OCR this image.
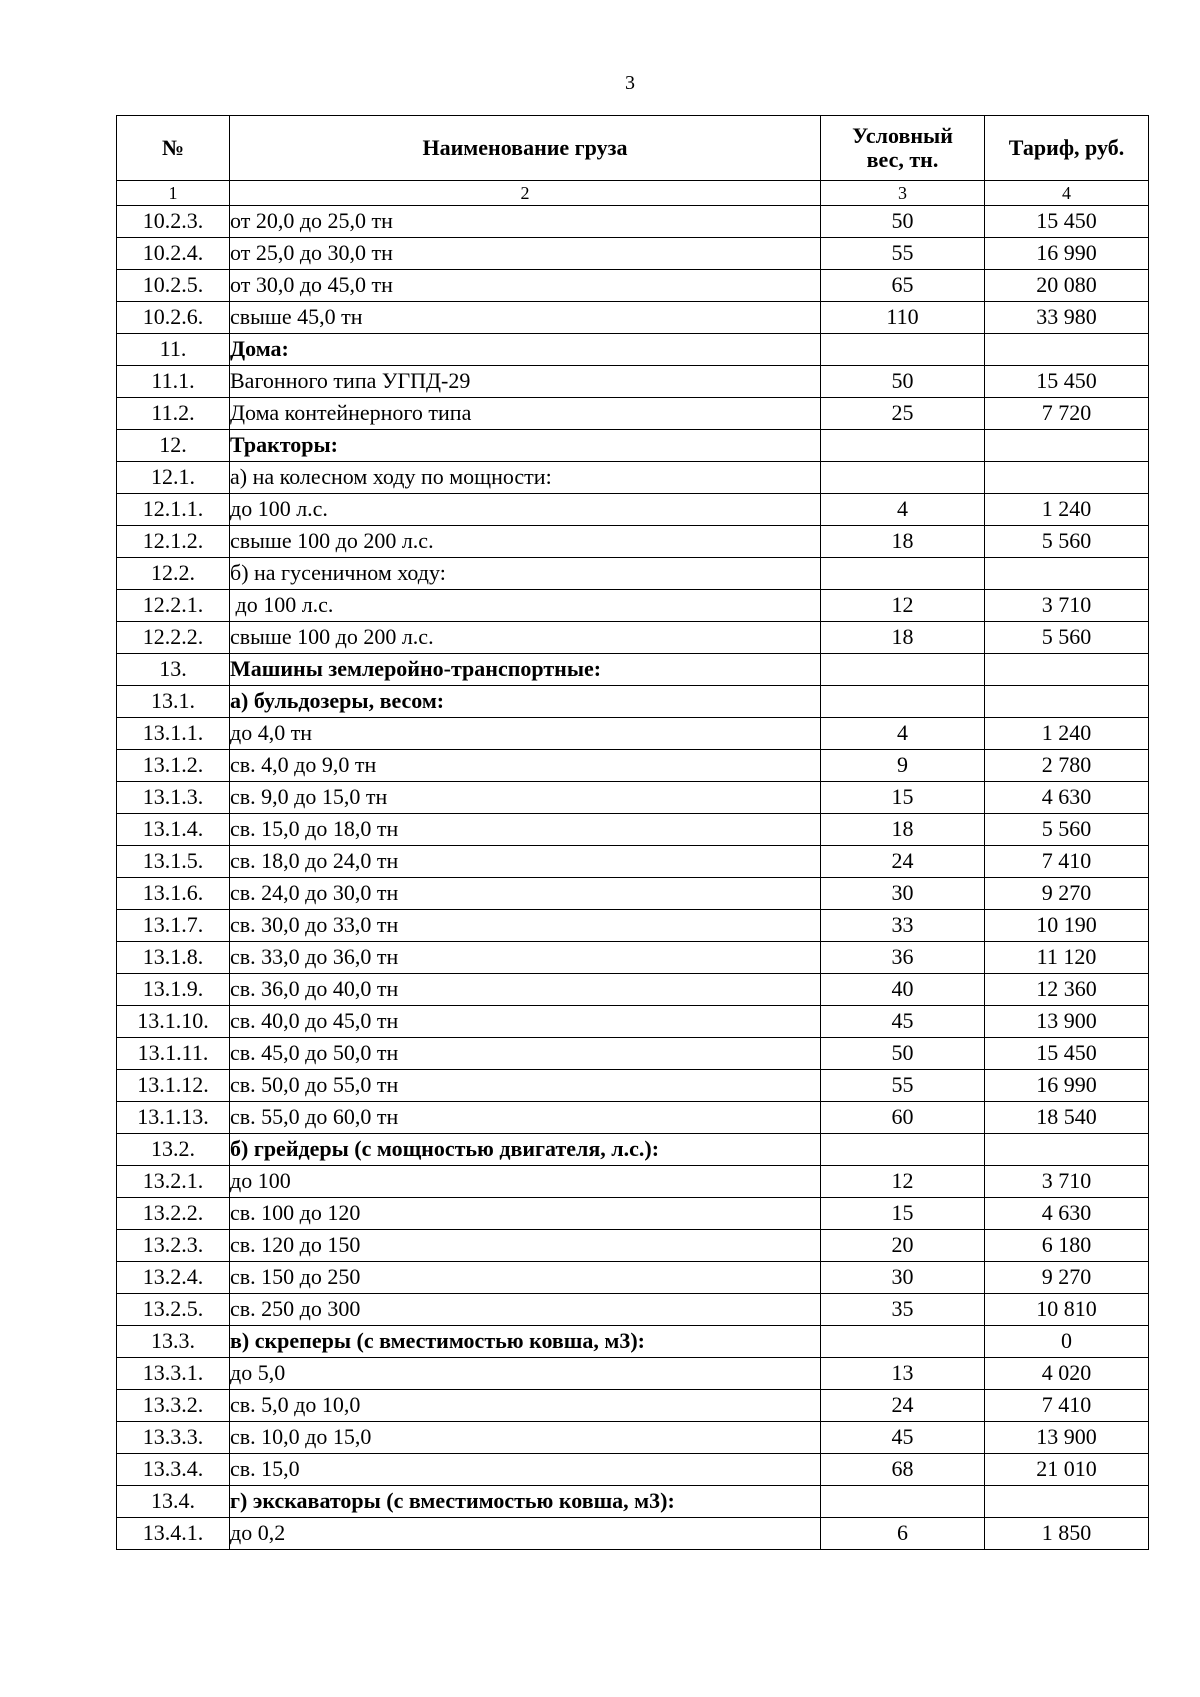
3
№	Наименование груза	Условный вес, тн.	Тариф, руб.
1	2	3	4
10.2.3.	от 20,0 до 25,0 тн	50	15 450
10.2.4.	от 25,0 до 30,0 тн	55	16 990
10.2.5.	от 30,0 до 45,0 тн	65	20 080
10.2.6.	свыше 45,0 тн	110	33 980
11.	Дома:		
11.1.	Вагонного типа УГПД-29	50	15 450
11.2.	Дома контейнерного типа	25	7 720
12.	Тракторы:		
12.1.	а) на колесном ходу по мощности:		
12.1.1.	до 100 л.с.	4	1 240
12.1.2.	свыше 100 до 200 л.с.	18	5 560
12.2.	б) на гусеничном ходу:		
12.2.1.	до 100 л.с.	12	3 710
12.2.2.	свыше 100 до 200 л.с.	18	5 560
13.	Машины землеройно-транспортные:		
13.1.	а) бульдозеры, весом:		
13.1.1.	до 4,0 тн	4	1 240
13.1.2.	св. 4,0 до 9,0 тн	9	2 780
13.1.3.	св. 9,0 до 15,0 тн	15	4 630
13.1.4.	св. 15,0 до 18,0 тн	18	5 560
13.1.5.	св. 18,0 до 24,0 тн	24	7 410
13.1.6.	св. 24,0 до 30,0 тн	30	9 270
13.1.7.	св. 30,0 до 33,0 тн	33	10 190
13.1.8.	св. 33,0 до 36,0 тн	36	11 120
13.1.9.	св. 36,0 до 40,0 тн	40	12 360
13.1.10.	св. 40,0 до 45,0 тн	45	13 900
13.1.11.	св. 45,0 до 50,0 тн	50	15 450
13.1.12.	св. 50,0 до 55,0 тн	55	16 990
13.1.13.	св. 55,0 до 60,0 тн	60	18 540
13.2.	б) грейдеры (с мощностью двигателя, л.с.):		
13.2.1.	до 100	12	3 710
13.2.2.	св. 100 до 120	15	4 630
13.2.3.	св. 120 до 150	20	6 180
13.2.4.	св. 150 до 250	30	9 270
13.2.5.	св. 250 до 300	35	10 810
13.3.	в) скреперы (с вместимостью ковша, м3):		0
13.3.1.	до 5,0	13	4 020
13.3.2.	св. 5,0 до 10,0	24	7 410
13.3.3.	св. 10,0 до 15,0	45	13 900
13.3.4.	св. 15,0	68	21 010
13.4.	г) экскаваторы (с вместимостью ковша, м3):		
13.4.1.	до 0,2	6	1 850
